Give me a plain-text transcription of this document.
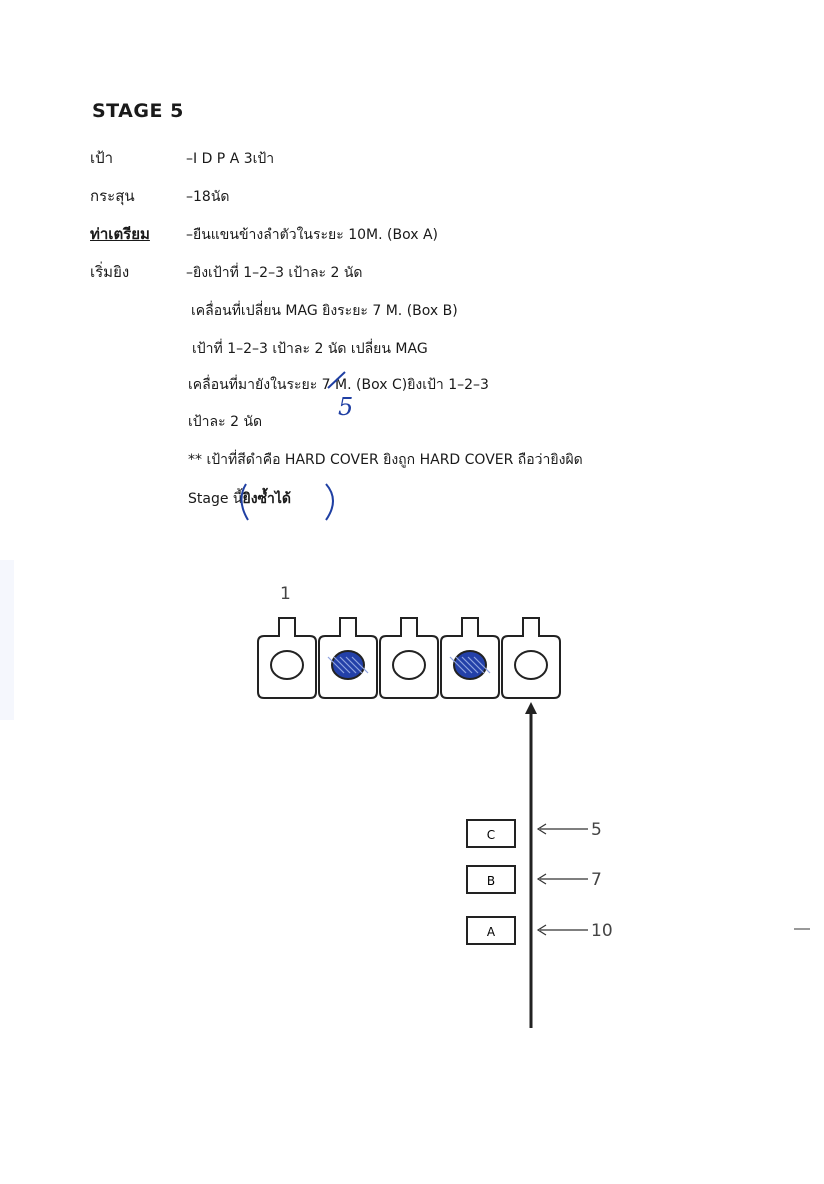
STAGE 5
เป้า	–I D P A 3เป้า
กระสุน	–18นัด
ท่าเตรียม	–ยืนแขนข้างลำตัวในระยะ 10M. (Box A)
เริ่มยิง	–ยิงเป้าที่ 1–2–3 เป้าละ 2 นัด
เคลื่อนที่เปลี่ยน MAG ยิงระยะ 7 M. (Box B)
เป้าที่ 1–2–3 เป้าละ 2 นัด เปลี่ยน MAG
เคลื่อนที่มายังในระยะ 7 M. (Box C)ยิงเป้า 1–2–3
เป้าละ 2 นัด
** เป้าที่สีดำคือ HARD COVER ยิงถูก HARD COVER ถือว่ายิงผิด
Stage นี้ยิงซ้ำได้
5
1
C
B
A
5
7
10
